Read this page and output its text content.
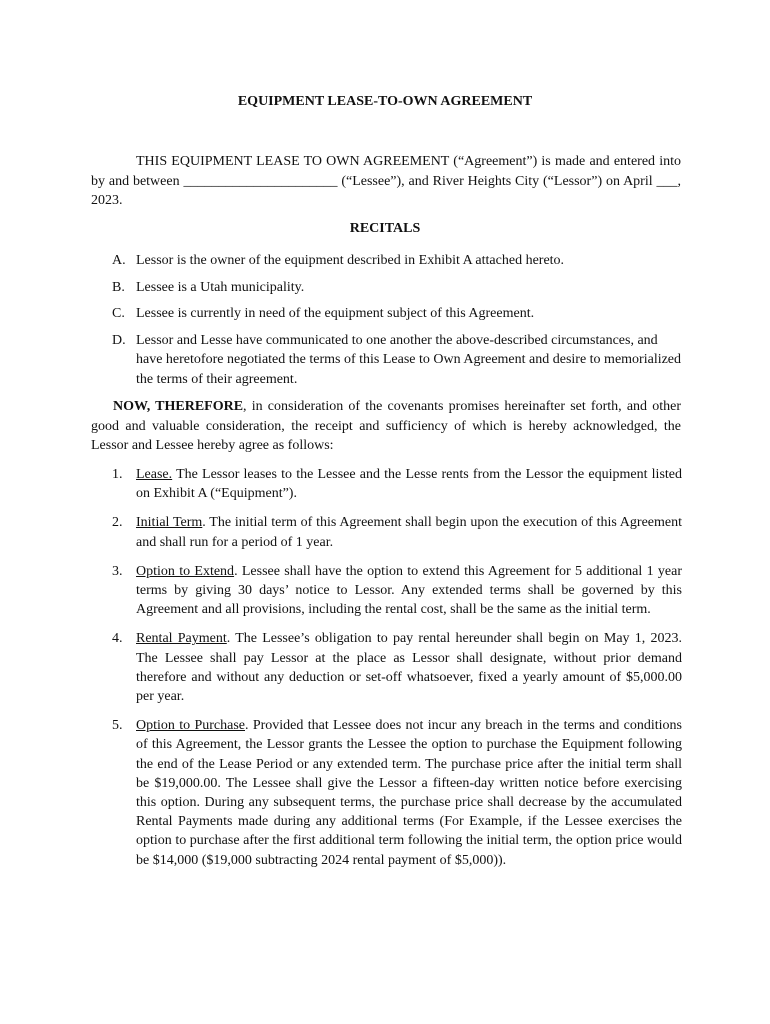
EQUIPMENT LEASE-TO-OWN AGREEMENT
THIS EQUIPMENT LEASE TO OWN AGREEMENT (“Agreement”) is made and entered into by and between ______________________ (“Lessee”), and River Heights City (“Lessor”) on April ___, 2023.
RECITALS
A. Lessor is the owner of the equipment described in Exhibit A attached hereto.
B. Lessee is a Utah municipality.
C. Lessee is currently in need of the equipment subject of this Agreement.
D. Lessor and Lesse have communicated to one another the above-described circumstances, and have heretofore negotiated the terms of this Lease to Own Agreement and desire to memorialized the terms of their agreement.
NOW, THEREFORE, in consideration of the covenants promises hereinafter set forth, and other good and valuable consideration, the receipt and sufficiency of which is hereby acknowledged, the Lessor and Lessee hereby agree as follows:
1. Lease. The Lessor leases to the Lessee and the Lesse rents from the Lessor the equipment listed on Exhibit A (“Equipment”).
2. Initial Term. The initial term of this Agreement shall begin upon the execution of this Agreement and shall run for a period of 1 year.
3. Option to Extend. Lessee shall have the option to extend this Agreement for 5 additional 1 year terms by giving 30 days’ notice to Lessor. Any extended terms shall be governed by this Agreement and all provisions, including the rental cost, shall be the same as the initial term.
4. Rental Payment. The Lessee’s obligation to pay rental hereunder shall begin on May 1, 2023. The Lessee shall pay Lessor at the place as Lessor shall designate, without prior demand therefore and without any deduction or set-off whatsoever, fixed a yearly amount of $5,000.00 per year.
5. Option to Purchase. Provided that Lessee does not incur any breach in the terms and conditions of this Agreement, the Lessor grants the Lessee the option to purchase the Equipment following the end of the Lease Period or any extended term. The purchase price after the initial term shall be $19,000.00. The Lessee shall give the Lessor a fifteen-day written notice before exercising this option. During any subsequent terms, the purchase price shall decrease by the accumulated Rental Payments made during any additional terms (For Example, if the Lessee exercises the option to purchase after the first additional term following the initial term, the option price would be $14,000 ($19,000 subtracting 2024 rental payment of $5,000)).
